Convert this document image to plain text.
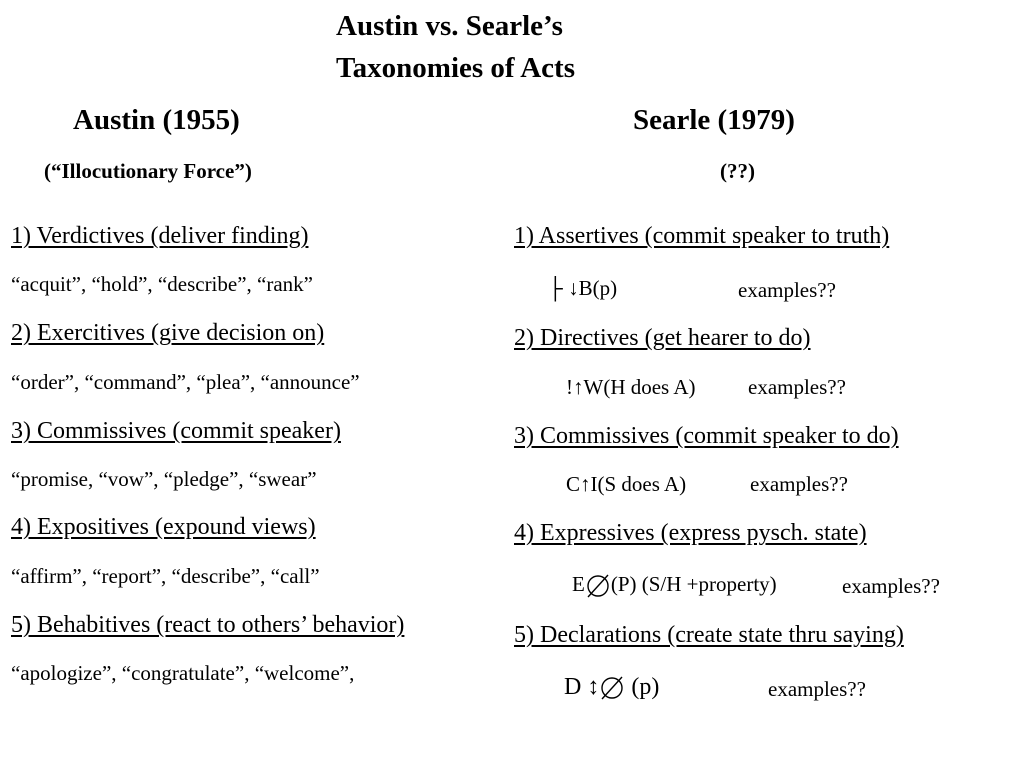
Austin vs. Searle’s
Taxonomies of Acts
Austin (1955)
(“Illocutionary Force”)
Searle (1979)
(??)
1) Verdictives (deliver finding)
“acquit”, “hold”, “describe”, “rank”
2) Exercitives (give decision on)
“order”, “command”, “plea”, “announce”
3) Commissives (commit speaker)
“promise, “vow”, “pledge”, “swear”
4) Expositives (expound views)
“affirm”, “report”, “describe”, “call”
5) Behabitives (react to others’ behavior)
“apologize”, “congratulate”, “welcome”,
1) Assertives (commit speaker to truth)
├ ↓B(p)	examples??
2) Directives (get hearer to do)
!↑W(H does A)	examples??
3) Commissives (commit speaker to do)
C↑I(S does A)	examples??
4) Expressives (express pysch. state)
E (P) (S/H +property)	examples??
5) Declarations (create state thru saying)
D ↕ (p)	examples??
